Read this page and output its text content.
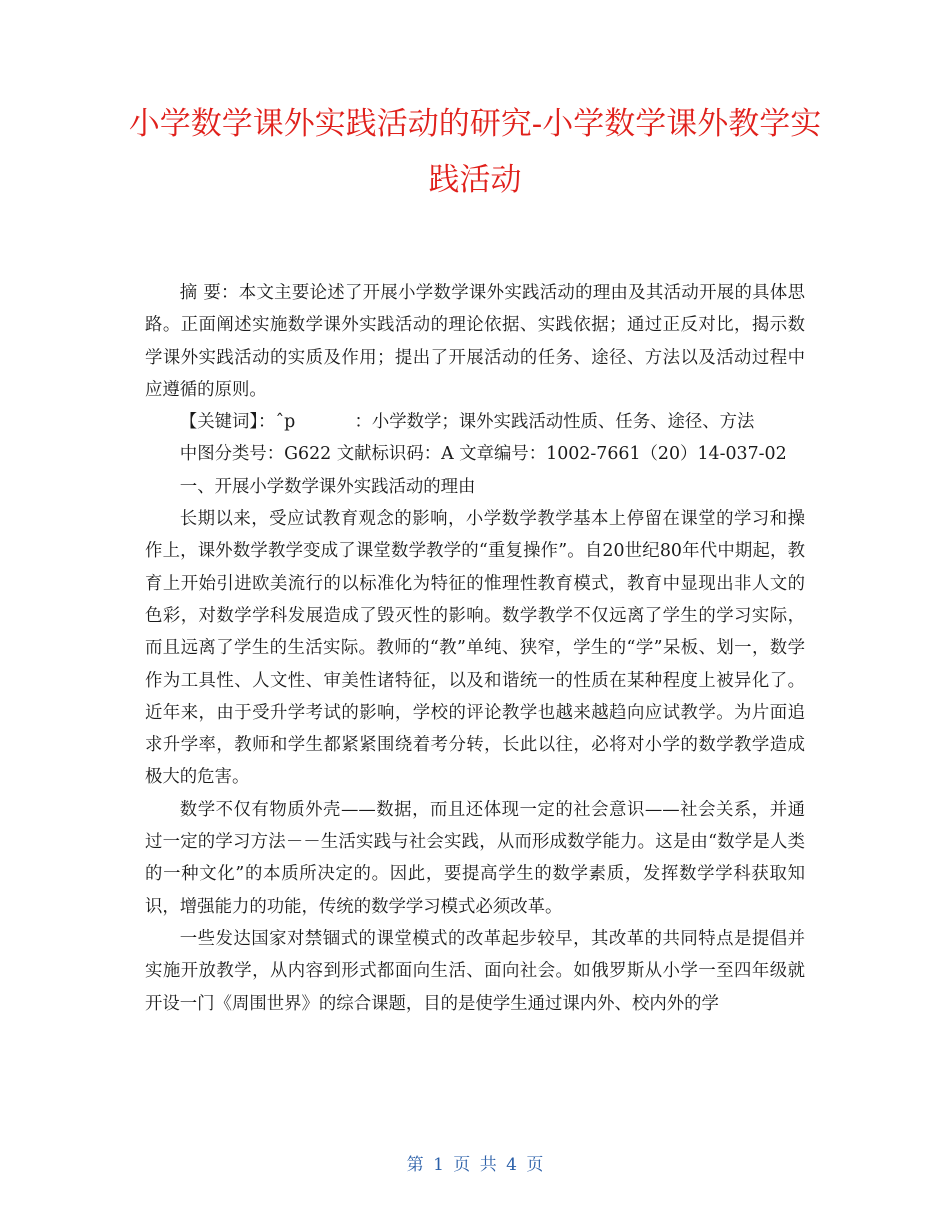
小学数学课外实践活动的研究-小学数学课外教学实践活动

摘 要：本文主要论述了开展小学数学课外实践活动的理由及其活动开展的具体思路。正面阐述实施数学课外实践活动的理论依据、实践依据；通过正反对比，揭示数学课外实践活动的实质及作用；提出了开展活动的任务、途径、方法以及活动过程中应遵循的原则。

【关键词】：ˆp	：小学数学；课外实践活动性质、任务、途径、方法

中图分类号：G622 文献标识码：A 文章编号：1002-7661（20）14-037-02

一、开展小学数学课外实践活动的理由

长期以来，受应试教育观念的影响，小学数学教学基本上停留在课堂的学习和操作上，课外数学教学变成了课堂数学教学的“重复操作”。自20世纪80年代中期起，教育上开始引进欧美流行的以标准化为特征的惟理性教育模式，教育中显现出非人文的色彩，对数学学科发展造成了毁灭性的影响。数学教学不仅远离了学生的学习实际，而且远离了学生的生活实际。教师的“教”单纯、狭窄，学生的“学”呆板、划一，数学作为工具性、人文性、审美性诸特征，以及和谐统一的性质在某种程度上被异化了。近年来，由于受升学考试的影响，学校的评论教学也越来越趋向应试教学。为片面追求升学率，教师和学生都紧紧围绕着考分转，长此以往，必将对小学的数学教学造成极大的危害。

数学不仅有物质外壳——数据，而且还体现一定的社会意识——社会关系，并通过一定的学习方法－－生活实践与社会实践，从而形成数学能力。这是由“数学是人类的一种文化”的本质所决定的。因此，要提高学生的数学素质，发挥数学学科获取知识，增强能力的功能，传统的数学学习模式必须改革。

一些发达国家对禁锢式的课堂模式的改革起步较早，其改革的共同特点是提倡并实施开放教学，从内容到形式都面向生活、面向社会。如俄罗斯从小学一至四年级就开设一门《周围世界》的综合课题，目的是使学生通过课内外、校内外的学

第 1 页 共 4 页
